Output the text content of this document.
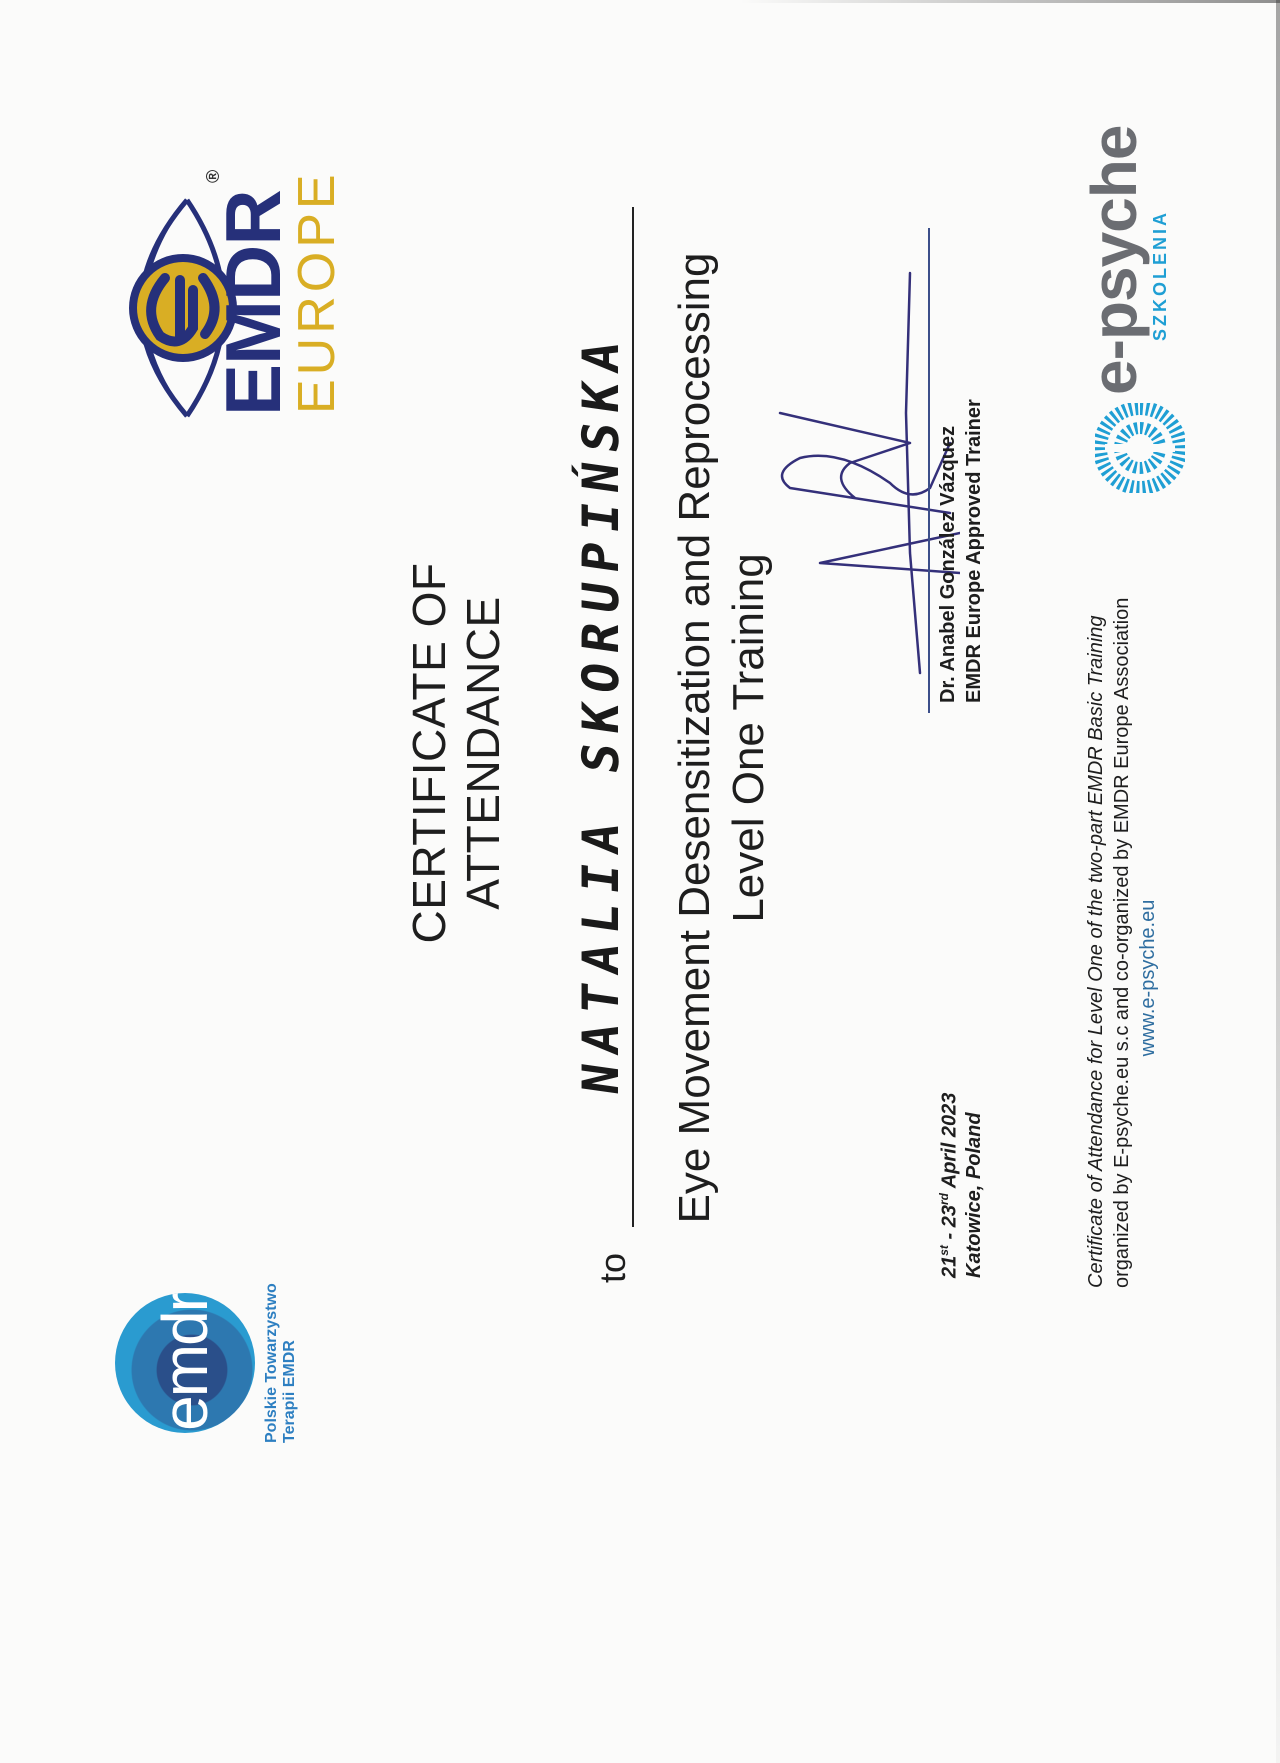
emdr	Polskie Towarzystwo Terapii EMDR
®
EMDR
EUROPE
CERTIFICATE OF ATTENDANCE
to
NATALIA SKORUPIŃSKA Eye Movement Desensitization and Reprocessing Level One Training	Dr. Anabel González Vázquez EMDR Europe Approved Trainer
21st - 23rd April 2023 Katowice, Poland	Certificate of Attendance for Level One of the two-part EMDR Basic Training organized by E-psyche.eu s.c and co-organized by EMDR Europe Association www.e-psyche.eu
e-psyche SZKOLENIA
